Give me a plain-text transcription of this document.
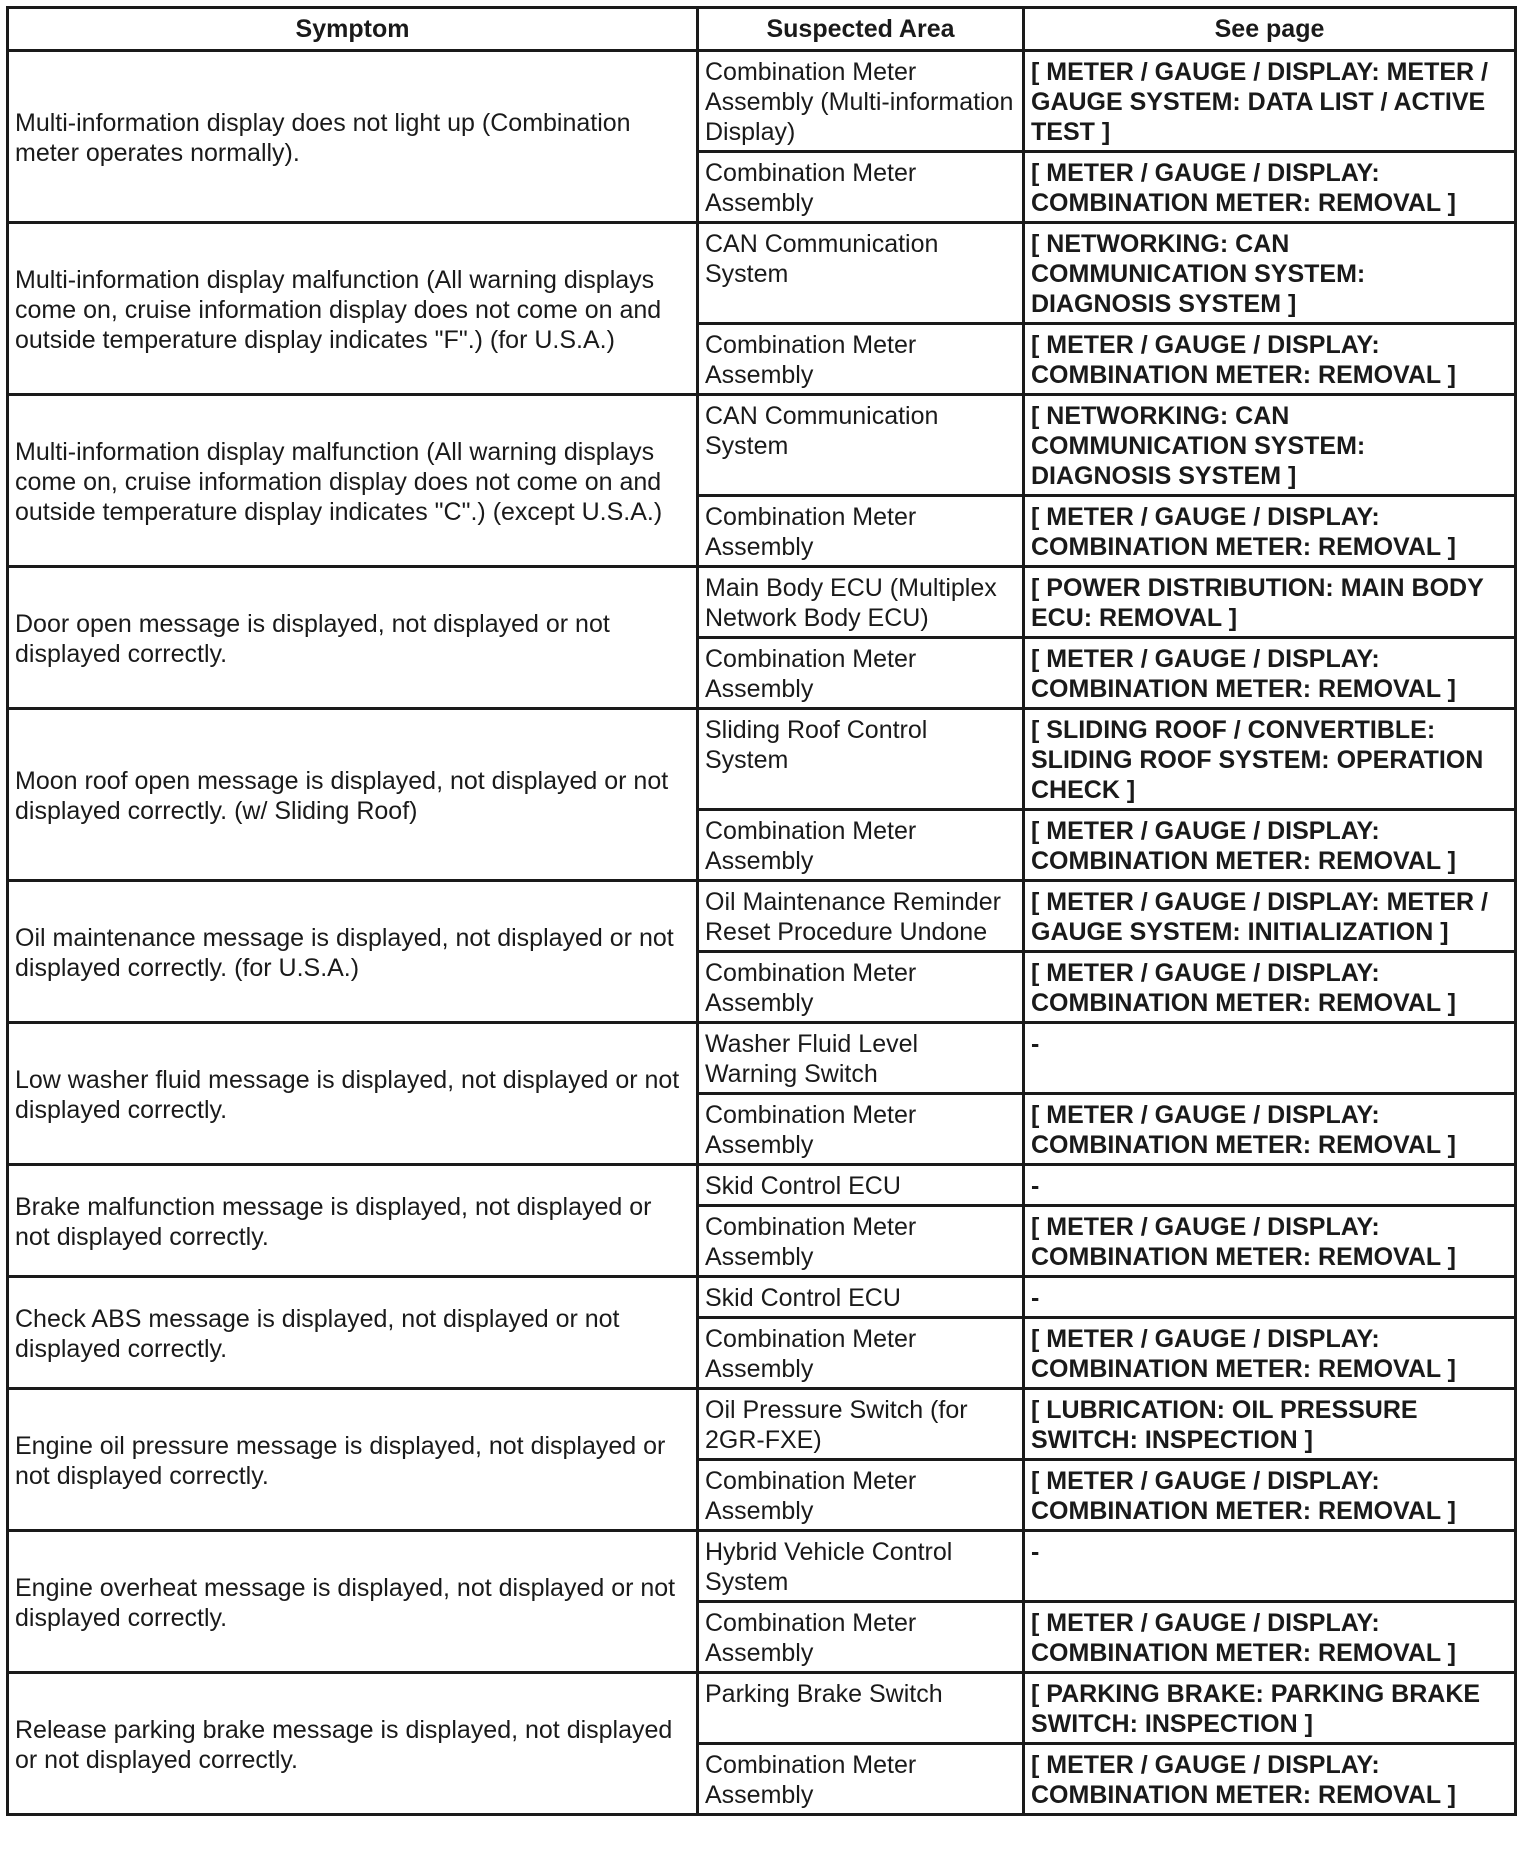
Symptom	Suspected Area	See page
Multi-information display does not light up (Combination meter operates normally).	Combination Meter Assembly (Multi-information Display)	[ METER / GAUGE / DISPLAY: METER / GAUGE SYSTEM: DATA LIST / ACTIVE TEST ]
	Combination Meter Assembly	[ METER / GAUGE / DISPLAY: COMBINATION METER: REMOVAL ]
Multi-information display malfunction (All warning displays come on, cruise information display does not come on and outside temperature display indicates "F".) (for U.S.A.)	CAN Communication System	[ NETWORKING: CAN COMMUNICATION SYSTEM: DIAGNOSIS SYSTEM ]
	Combination Meter Assembly	[ METER / GAUGE / DISPLAY: COMBINATION METER: REMOVAL ]
Multi-information display malfunction (All warning displays come on, cruise information display does not come on and outside temperature display indicates "C".) (except U.S.A.)	CAN Communication System	[ NETWORKING: CAN COMMUNICATION SYSTEM: DIAGNOSIS SYSTEM ]
	Combination Meter Assembly	[ METER / GAUGE / DISPLAY: COMBINATION METER: REMOVAL ]
Door open message is displayed, not displayed or not displayed correctly.	Main Body ECU (Multiplex Network Body ECU)	[ POWER DISTRIBUTION: MAIN BODY ECU: REMOVAL ]
	Combination Meter Assembly	[ METER / GAUGE / DISPLAY: COMBINATION METER: REMOVAL ]
Moon roof open message is displayed, not displayed or not displayed correctly. (w/ Sliding Roof)	Sliding Roof Control System	[ SLIDING ROOF / CONVERTIBLE: SLIDING ROOF SYSTEM: OPERATION CHECK ]
	Combination Meter Assembly	[ METER / GAUGE / DISPLAY: COMBINATION METER: REMOVAL ]
Oil maintenance message is displayed, not displayed or not displayed correctly. (for U.S.A.)	Oil Maintenance Reminder Reset Procedure Undone	[ METER / GAUGE / DISPLAY: METER / GAUGE SYSTEM: INITIALIZATION ]
	Combination Meter Assembly	[ METER / GAUGE / DISPLAY: COMBINATION METER: REMOVAL ]
Low washer fluid message is displayed, not displayed or not displayed correctly.	Washer Fluid Level Warning Switch	-
	Combination Meter Assembly	[ METER / GAUGE / DISPLAY: COMBINATION METER: REMOVAL ]
Brake malfunction message is displayed, not displayed or not displayed correctly.	Skid Control ECU	-
	Combination Meter Assembly	[ METER / GAUGE / DISPLAY: COMBINATION METER: REMOVAL ]
Check ABS message is displayed, not displayed or not displayed correctly.	Skid Control ECU	-
	Combination Meter Assembly	[ METER / GAUGE / DISPLAY: COMBINATION METER: REMOVAL ]
Engine oil pressure message is displayed, not displayed or not displayed correctly.	Oil Pressure Switch (for 2GR-FXE)	[ LUBRICATION: OIL PRESSURE SWITCH: INSPECTION ]
	Combination Meter Assembly	[ METER / GAUGE / DISPLAY: COMBINATION METER: REMOVAL ]
Engine overheat message is displayed, not displayed or not displayed correctly.	Hybrid Vehicle Control System	-
	Combination Meter Assembly	[ METER / GAUGE / DISPLAY: COMBINATION METER: REMOVAL ]
Release parking brake message is displayed, not displayed or not displayed correctly.	Parking Brake Switch	[ PARKING BRAKE: PARKING BRAKE SWITCH: INSPECTION ]
	Combination Meter Assembly	[ METER / GAUGE / DISPLAY: COMBINATION METER: REMOVAL ]
